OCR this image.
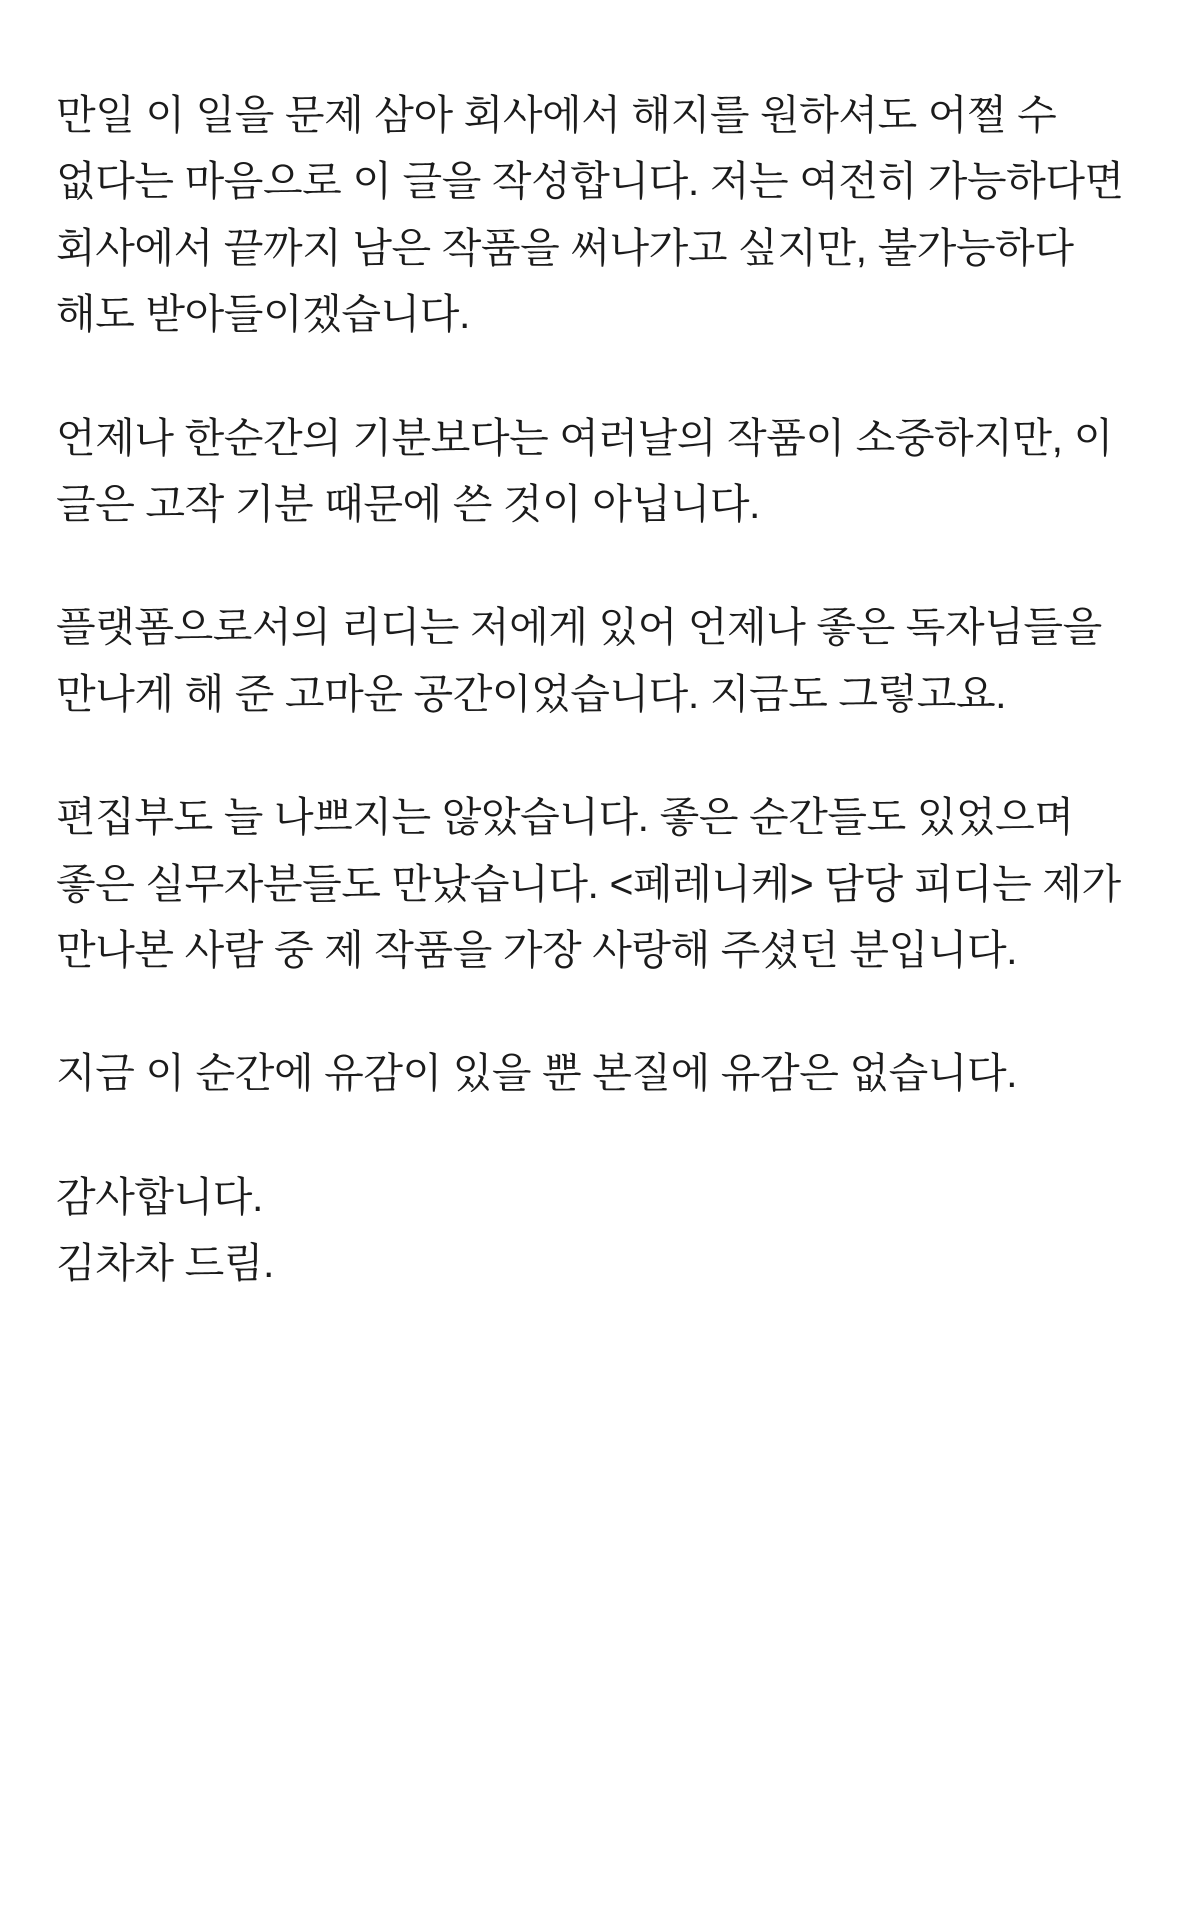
만일 이 일을 문제 삼아 회사에서 해지를 원하셔도 어쩔 수 없다는 마음으로 이 글을 작성합니다. 저는 여전히 가능하다면 회사에서 끝까지 남은 작품을 써나가고 싶지만, 불가능하다 해도 받아들이겠습니다.

언제나 한순간의 기분보다는 여러날의 작품이 소중하지만, 이 글은 고작 기분 때문에 쓴 것이 아닙니다.

플랫폼으로서의 리디는 저에게 있어 언제나 좋은 독자님들을 만나게 해 준 고마운 공간이었습니다. 지금도 그렇고요.

편집부도 늘 나쁘지는 않았습니다. 좋은 순간들도 있었으며 좋은 실무자분들도 만났습니다. <페레니케> 담당 피디는 제가 만나본 사람 중 제 작품을 가장 사랑해 주셨던 분입니다.

지금 이 순간에 유감이 있을 뿐 본질에 유감은 없습니다.

감사합니다.
김차차 드림.
